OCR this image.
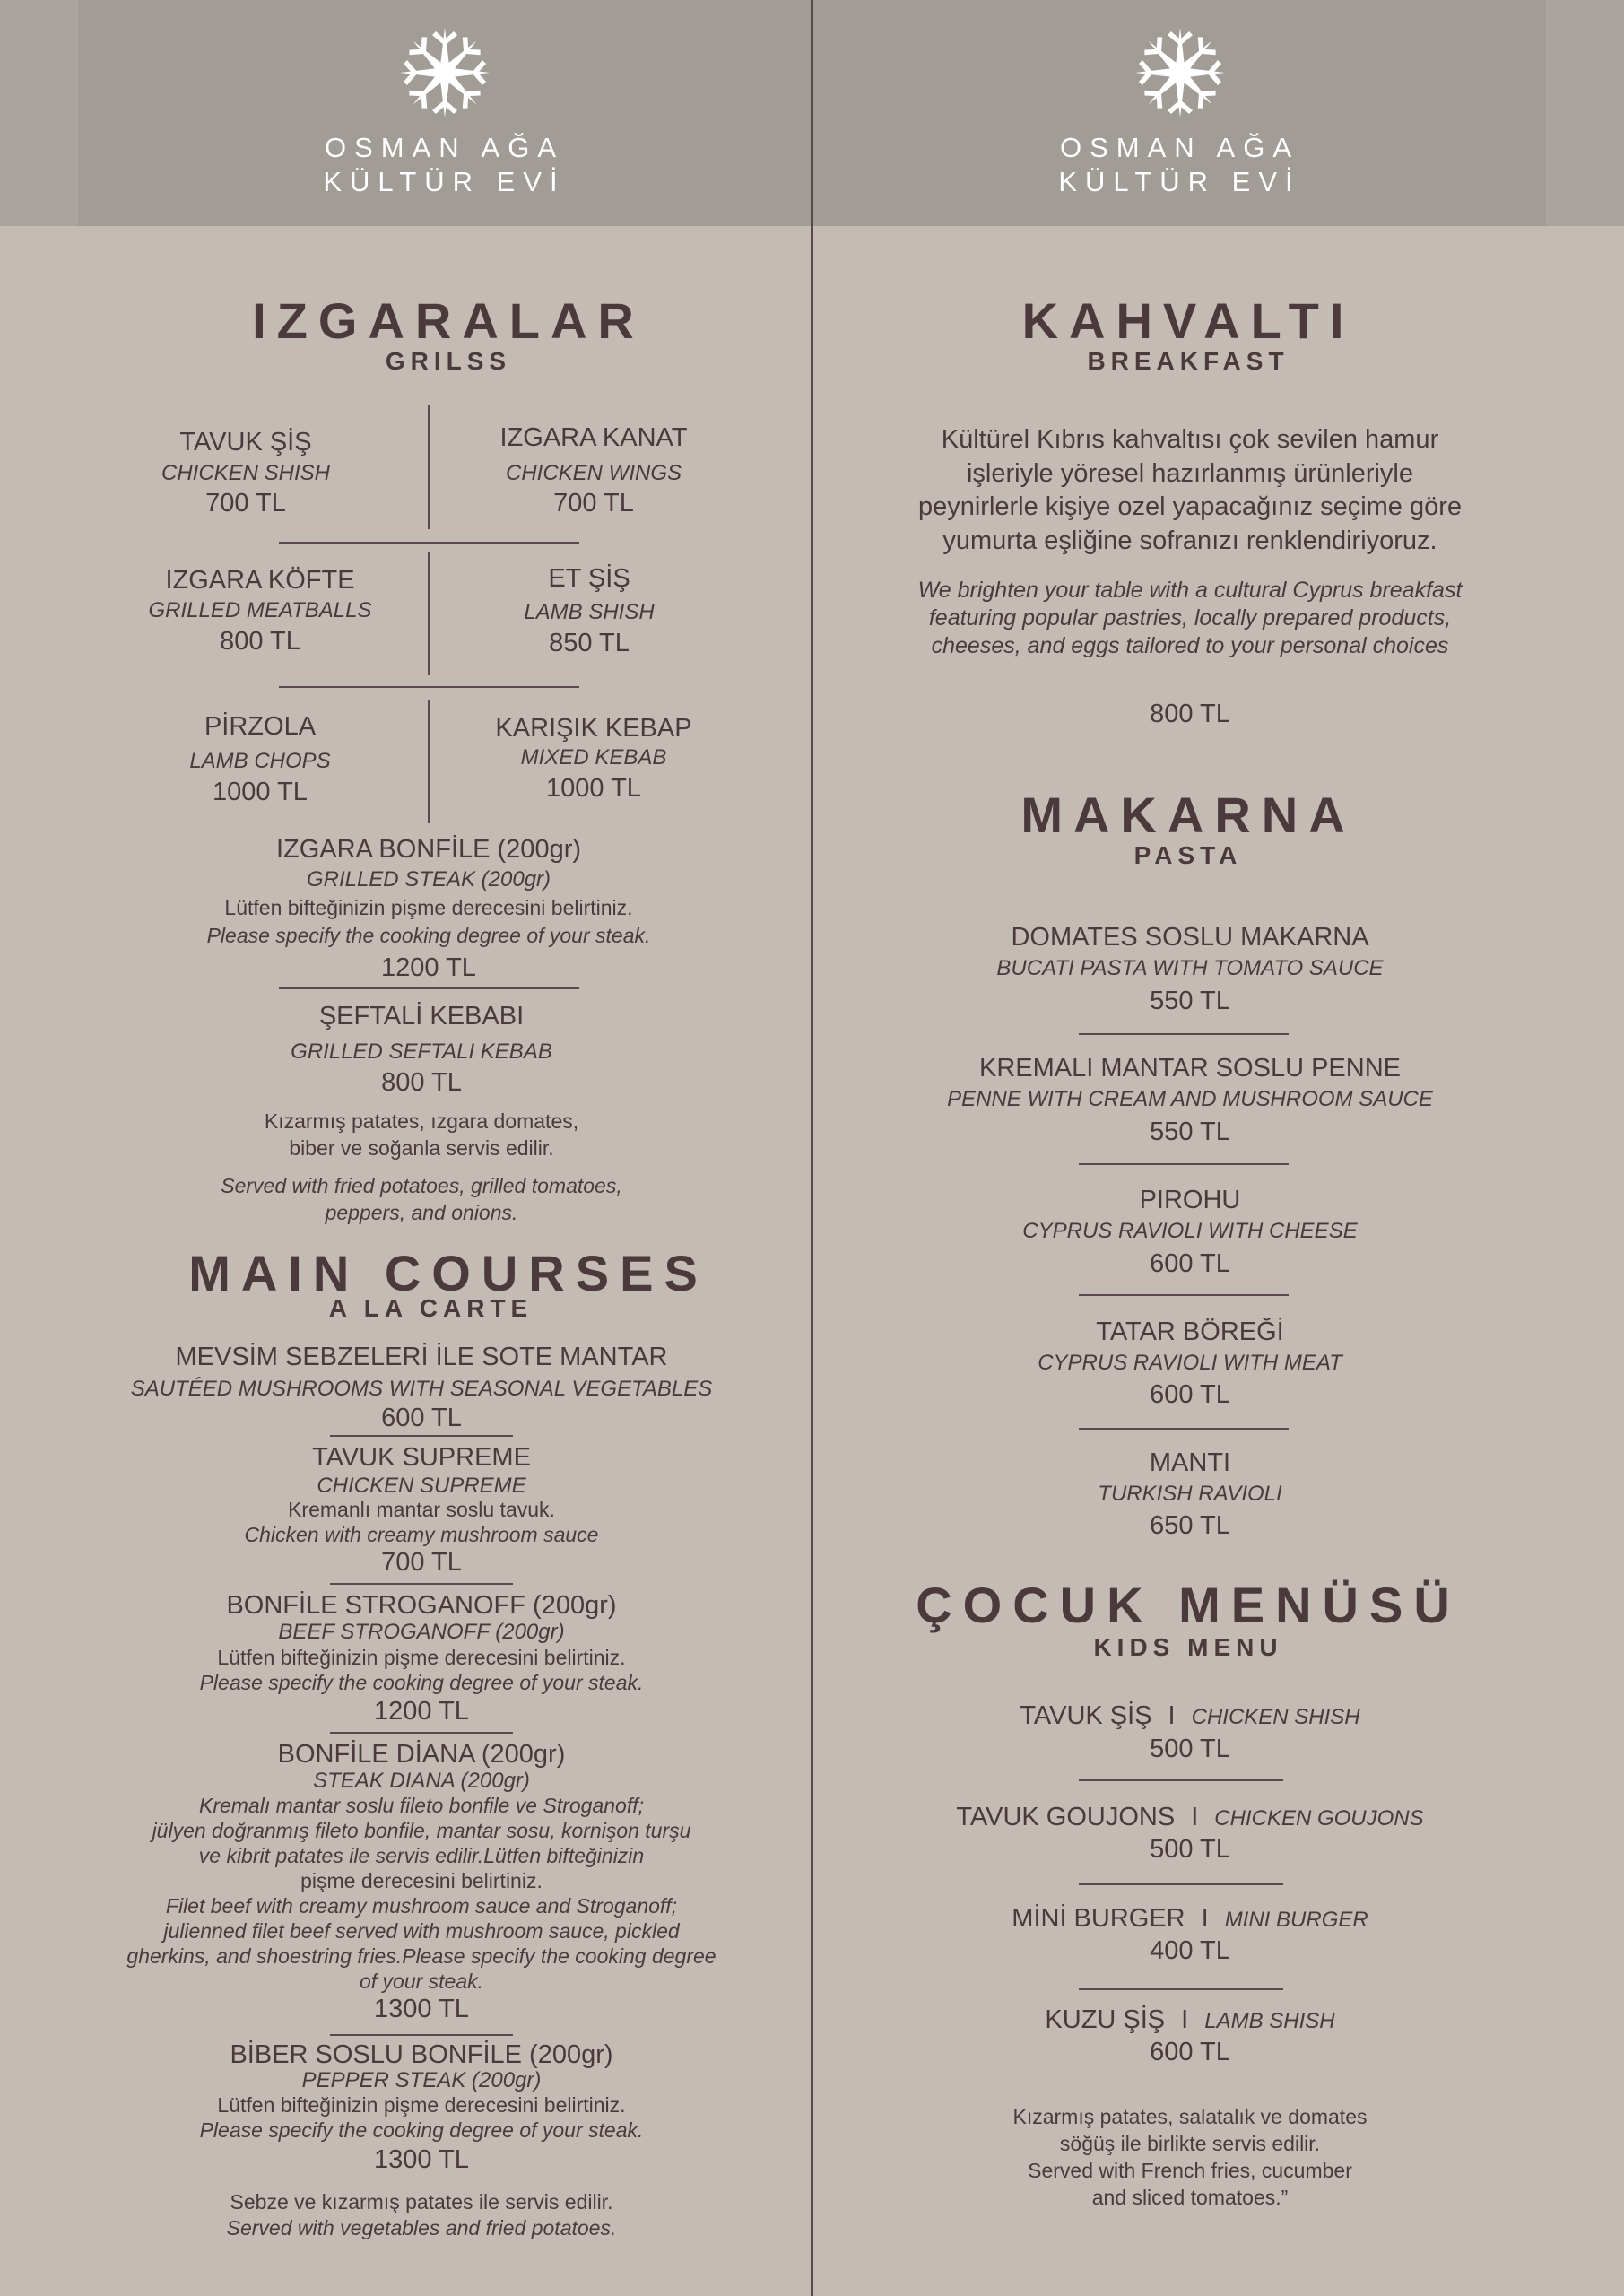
OSMAN AĞA
KÜLTÜR EVİ
OSMAN AĞA
KÜLTÜR EVİ
IZGARALAR
GRILSS
TAVUK ŞİŞ
CHICKEN SHISH
700 TL
IZGARA KANAT
CHICKEN WINGS
700 TL
IZGARA KÖFTE
GRILLED MEATBALLS
800 TL
ET ŞİŞ
LAMB SHISH
850 TL
PİRZOLA
LAMB CHOPS
1000 TL
KARIŞIK KEBAP
MIXED KEBAB
1000 TL
IZGARA BONFİLE (200gr)
GRILLED STEAK (200gr)
Lütfen bifteğinizin pişme derecesini belirtiniz.
Please specify the cooking degree of your steak.
1200 TL
ŞEFTALİ KEBABI
GRILLED SEFTALI KEBAB
800 TL
Kızarmış patates, ızgara domates,
biber ve soğanla servis edilir.
Served with fried potatoes, grilled tomatoes,
peppers, and onions.
MAIN COURSES
A LA CARTE
MEVSİM SEBZELERİ İLE SOTE MANTAR
SAUTÉED MUSHROOMS WITH SEASONAL VEGETABLES
600 TL
TAVUK SUPREME
CHICKEN SUPREME
Kremanlı mantar soslu tavuk.
Chicken with creamy mushroom sauce
700 TL
BONFİLE STROGANOFF (200gr)
BEEF STROGANOFF (200gr)
Lütfen bifteğinizin pişme derecesini belirtiniz.
Please specify the cooking degree of your steak.
1200 TL
BONFİLE DİANA (200gr)
STEAK DIANA (200gr)
Kremalı mantar soslu fileto bonfile ve Stroganoff;
jülyen doğranmış fileto bonfile, mantar sosu, kornişon turşu
ve kibrit patates ile servis edilir.Lütfen bifteğinizin
pişme derecesini belirtiniz.
Filet beef with creamy mushroom sauce and Stroganoff;
julienned filet beef served with mushroom sauce, pickled
gherkins, and shoestring fries.Please specify the cooking degree
of your steak.
1300 TL
BİBER SOSLU BONFİLE (200gr)
PEPPER STEAK (200gr)
Lütfen bifteğinizin pişme derecesini belirtiniz.
Please specify the cooking degree of your steak.
1300 TL
Sebze ve kızarmış patates ile servis edilir.
Served with vegetables and fried potatoes.
KAHVALTI
BREAKFAST
Kültürel Kıbrıs kahvaltısı çok sevilen hamur
işleriyle yöresel hazırlanmış ürünleriyle
peynirlerle kişiye ozel yapacağınız seçime göre
yumurta eşliğine sofranızı renklendiriyoruz.
We brighten your table with a cultural Cyprus breakfast
featuring popular pastries, locally prepared products,
cheeses, and eggs tailored to your personal choices
800 TL
MAKARNA
PASTA
DOMATES SOSLU MAKARNA
BUCATI PASTA WITH TOMATO SAUCE
550 TL
KREMALI MANTAR SOSLU PENNE
PENNE WITH CREAM AND MUSHROOM SAUCE
550 TL
PIROHU
CYPRUS RAVIOLI WITH CHEESE
600 TL
TATAR BÖREĞİ
CYPRUS RAVIOLI WITH MEAT
600 TL
MANTI
TURKISH RAVIOLI
650 TL
ÇOCUK MENÜSÜ
KIDS MENU
TAVUK ŞİŞ I CHICKEN SHISH
500 TL
TAVUK GOUJONS I CHICKEN GOUJONS
500 TL
MİNİ BURGER I MINI BURGER
400 TL
KUZU ŞİŞ I LAMB SHISH
600 TL
Kızarmış patates, salatalık ve domates
söğüş ile birlikte servis edilir.
Served with French fries, cucumber
and sliced tomatoes.”
